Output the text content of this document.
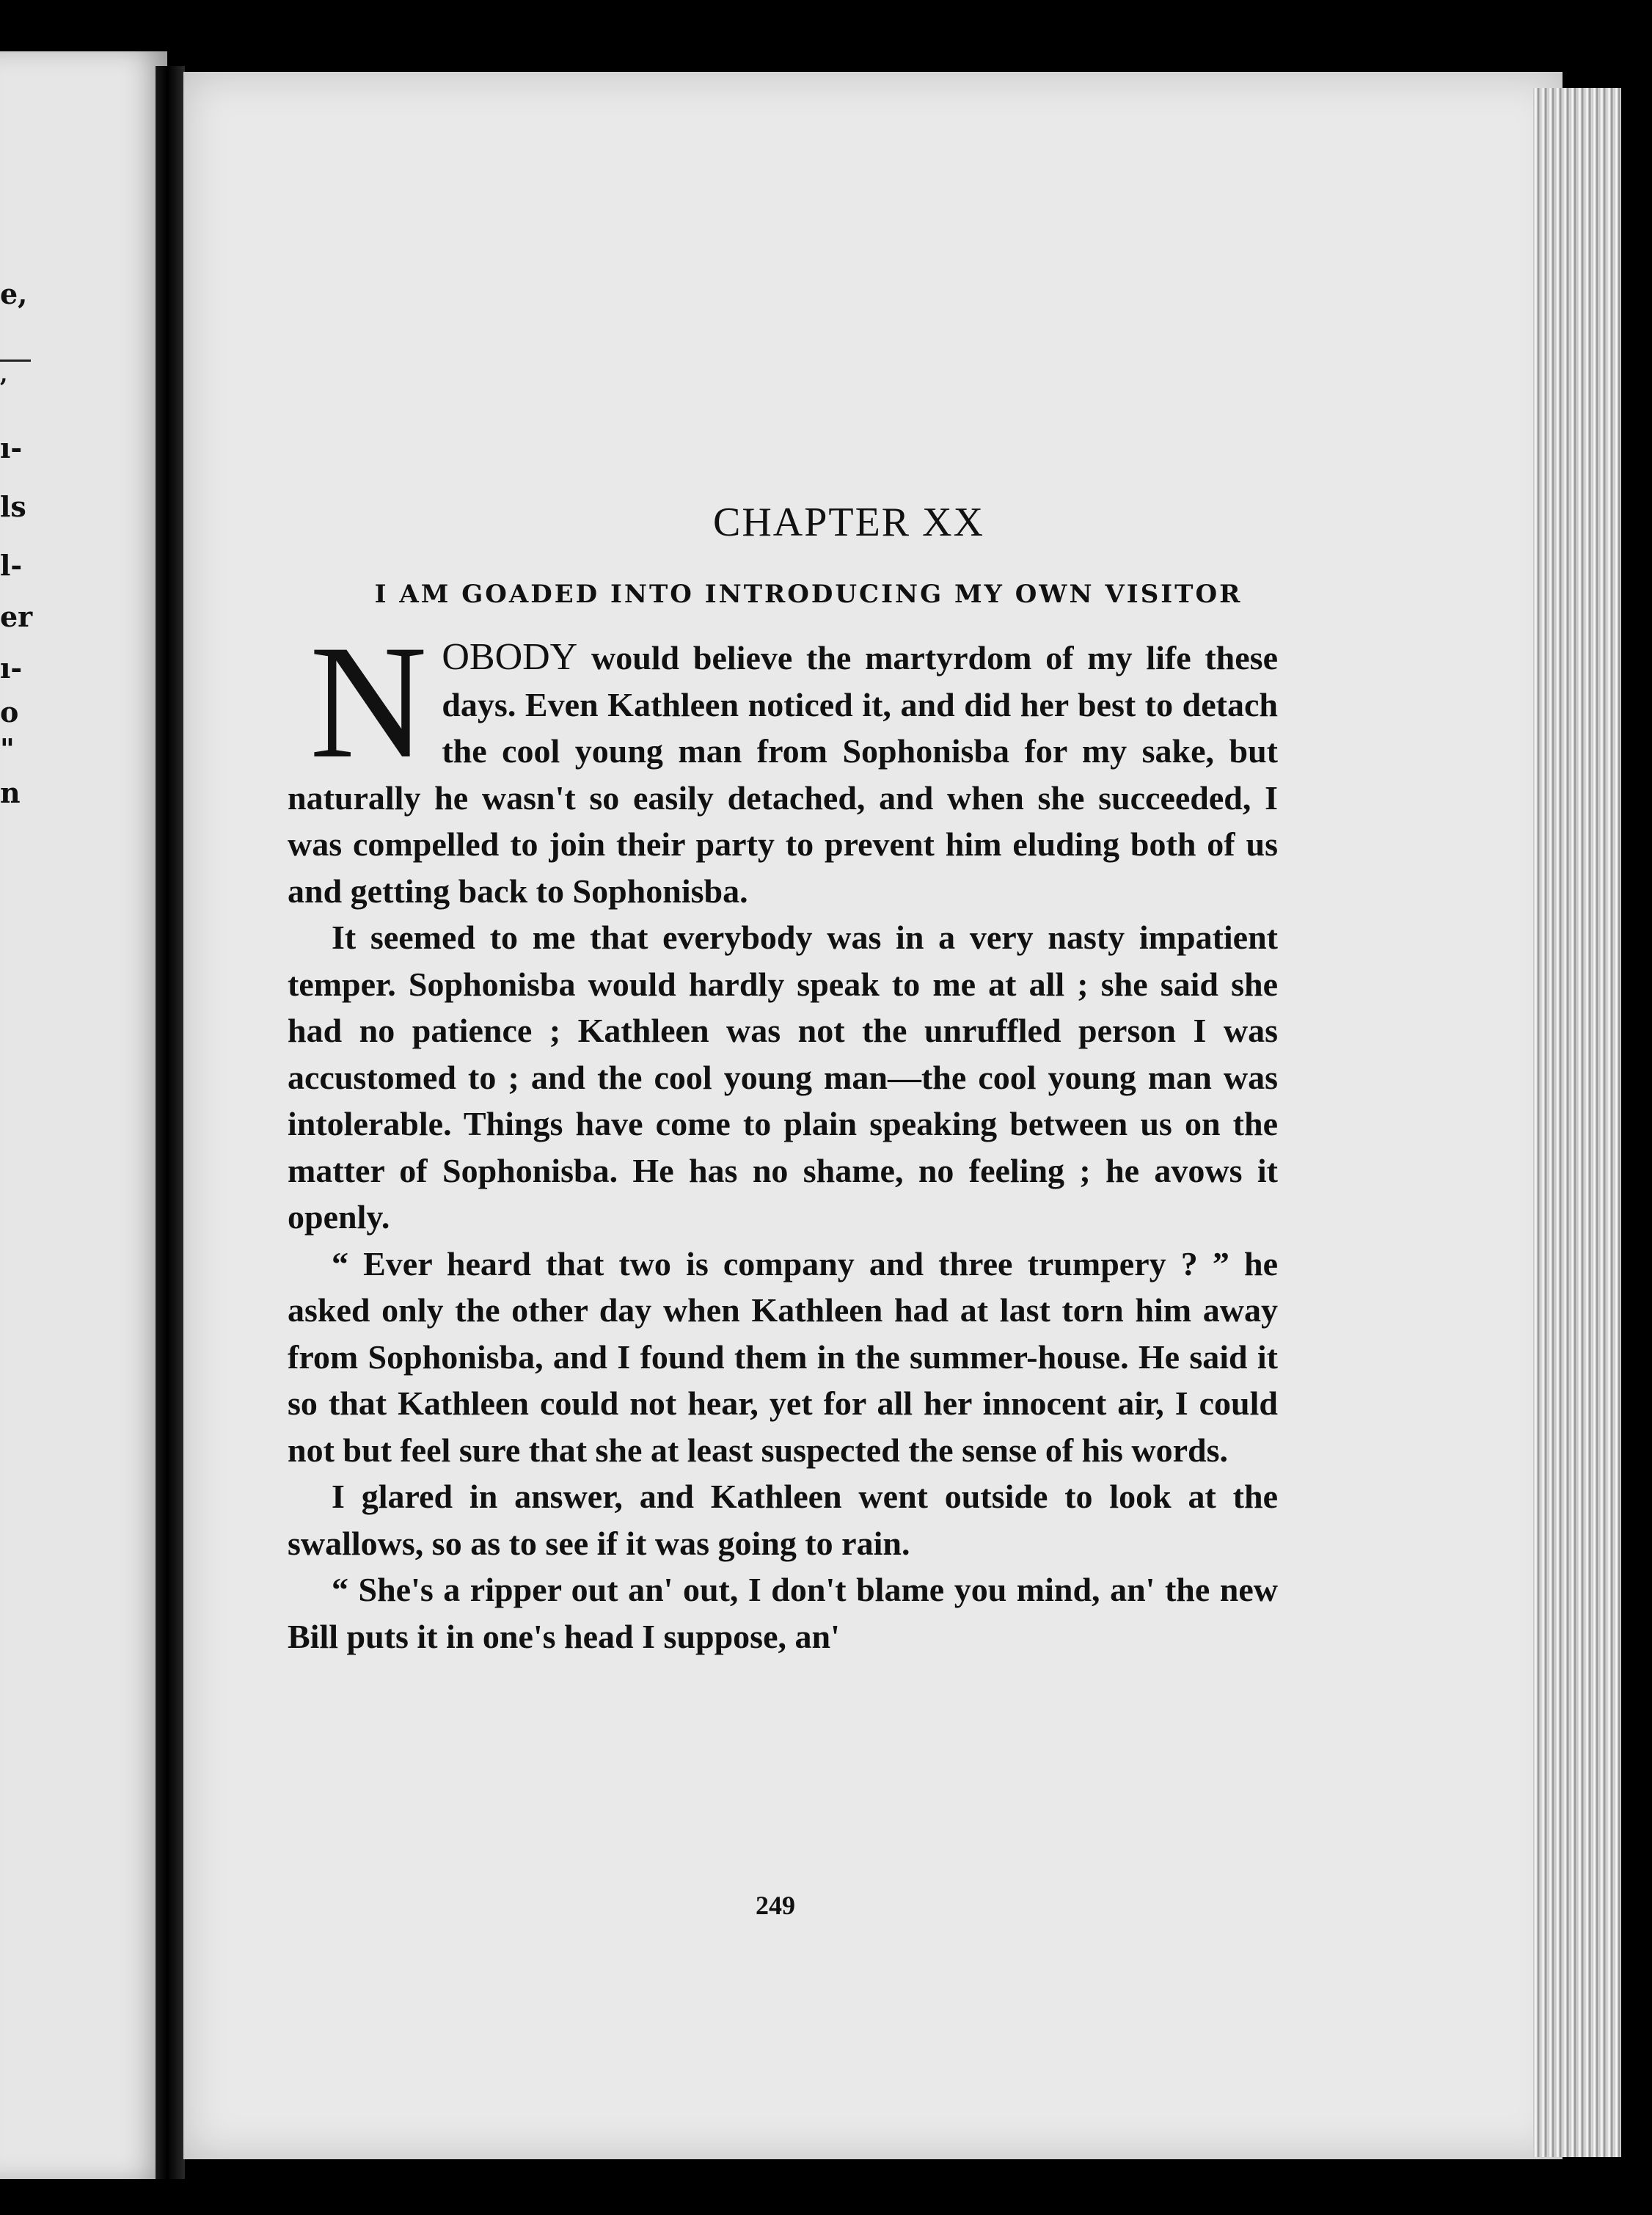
e,
,
ı-
ls
l-
er
ı-
o
"
n
CHAPTER XX
I AM GOADED INTO INTRODUCING MY OWN VISITOR

NOBODY would believe the martyrdom of my life these days. Even Kathleen noticed it, and did her best to detach the cool young man from Sophonisba for my sake, but naturally he wasn't so easily detached, and when she succeeded, I was compelled to join their party to prevent him eluding both of us and getting back to Sophonisba.

It seemed to me that everybody was in a very nasty impatient temper. Sophonisba would hardly speak to me at all ; she said she had no patience ; Kathleen was not the unruffled person I was accustomed to ; and the cool young man—the cool young man was intolerable. Things have come to plain speaking between us on the matter of Sophonisba. He has no shame, no feeling ; he avows it openly.

“ Ever heard that two is company and three trumpery ? ” he asked only the other day when Kathleen had at last torn him away from Sophonisba, and I found them in the summer-house. He said it so that Kathleen could not hear, yet for all her innocent air, I could not but feel sure that she at least suspected the sense of his words.

I glared in answer, and Kathleen went outside to look at the swallows, so as to see if it was going to rain.

“ She's a ripper out an' out, I don't blame you mind, an' the new Bill puts it in one's head I suppose, an'

249
